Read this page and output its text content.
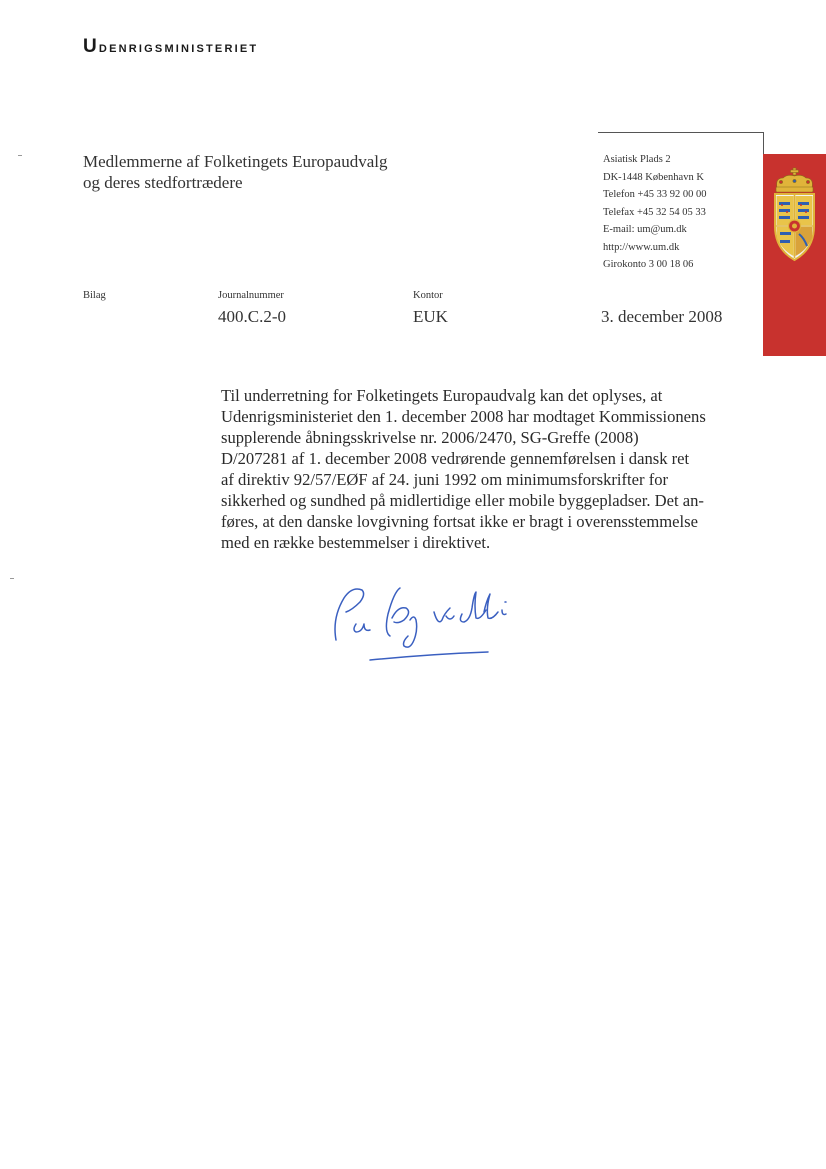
Udenrigsministeriet
Medlemmerne af Folketingets Europaudvalg
og deres stedfortrædere
Asiatisk Plads 2
DK-1448 København K
Telefon +45 33 92 00 00
Telefax +45 32 54 05 33
E-mail: um@um.dk
http://www.um.dk
Girokonto 3 00 18 06
Bilag	Journalnummer
400.C.2-0
Kontor
EUK	3. december 2008
Til underretning for Folketingets Europaudvalg kan det oplyses, at
Udenrigsministeriet den 1. december 2008 har modtaget Kommissionens
supplerende åbningsskrivelse nr. 2006/2470, SG-Greffe (2008)
D/207281 af 1. december 2008 vedrørende gennemførelsen i dansk ret
af direktiv 92/57/EØF af 24. juni 1992 om minimumsforskrifter for
sikkerhed og sundhed på midlertidige eller mobile byggepladser. Det an-
føres, at den danske lovgivning fortsat ikke er bragt i overensstemmelse
med en række bestemmelser i direktivet.
